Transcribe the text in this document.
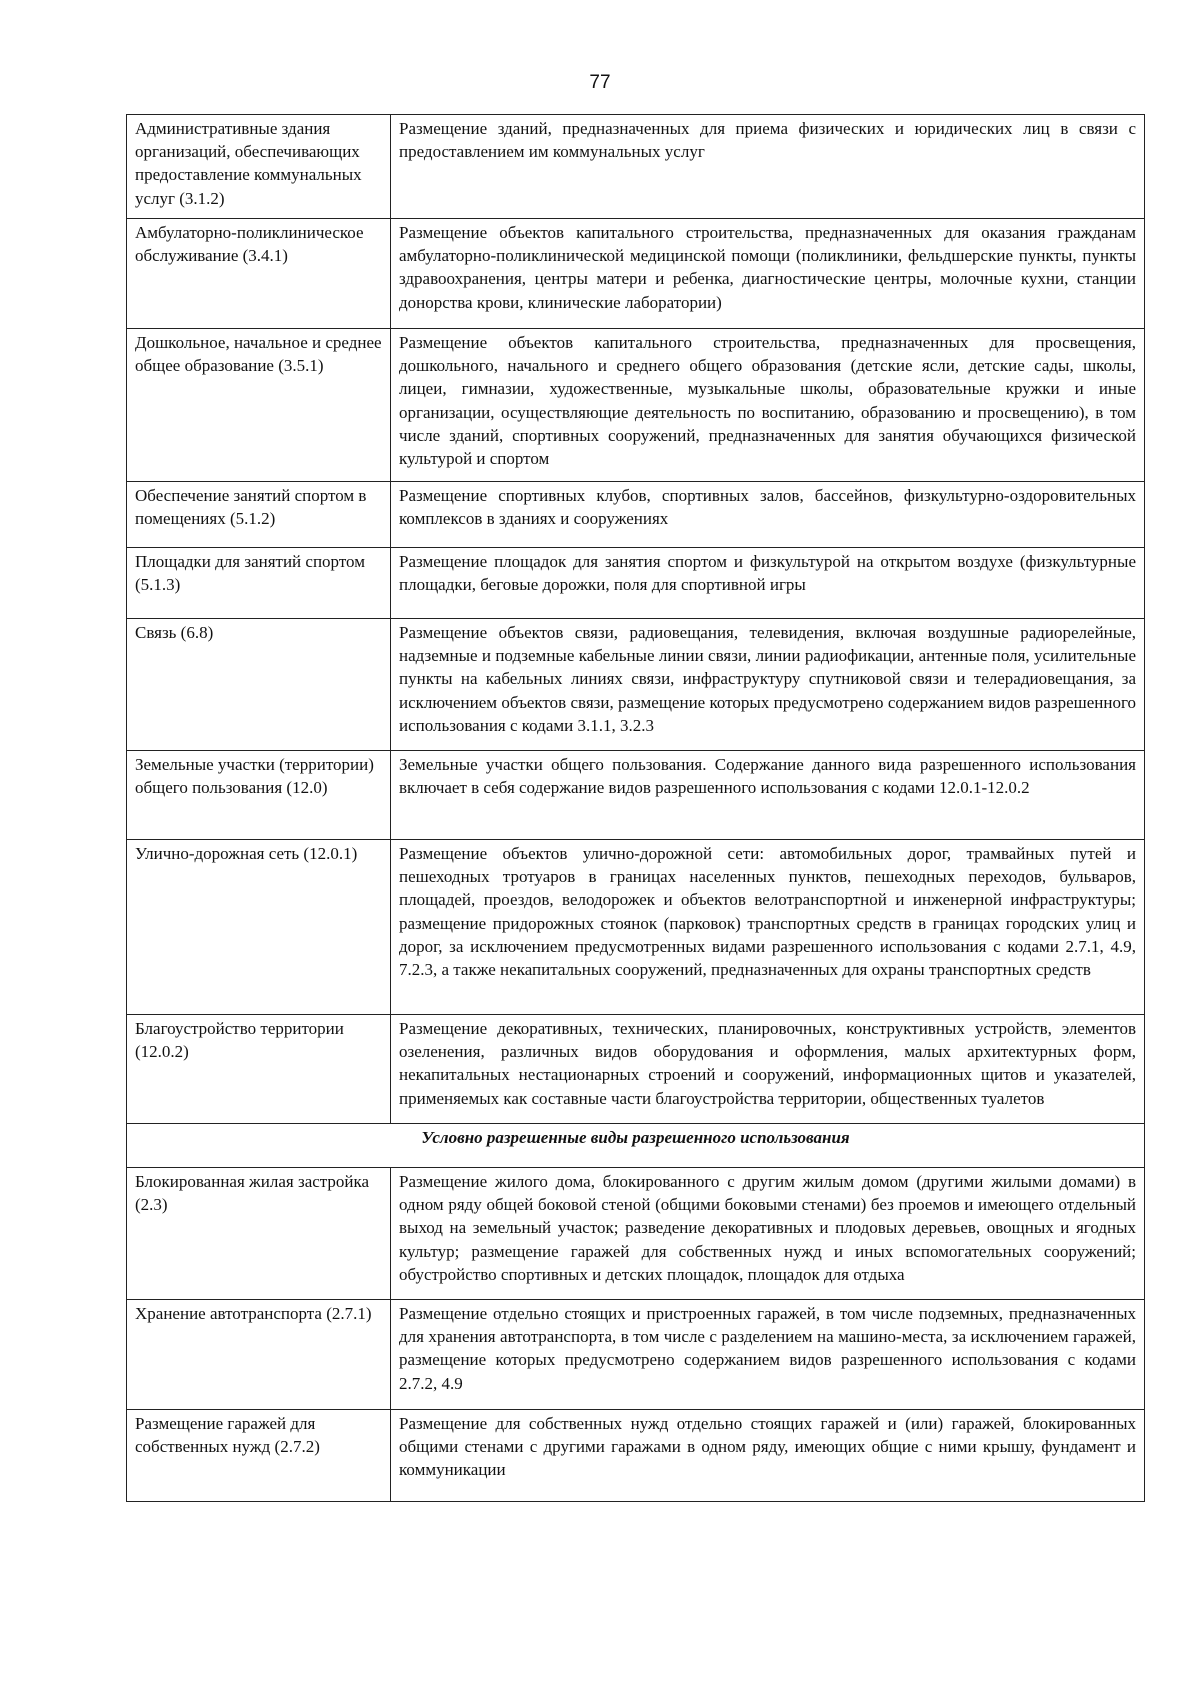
77
Административные здания организаций, обеспечивающих предоставление коммунальных услуг (3.1.2)	Размещение зданий, предназначенных для приема физических и юридических лиц в связи с предоставлением им коммунальных услуг
Амбулаторно-поликлиническое обслуживание (3.4.1)	Размещение объектов капитального строительства, предназначенных для оказания гражданам амбулаторно-поликлинической медицинской помощи (поликлиники, фельдшерские пункты, пункты здравоохранения, центры матери и ребенка, диагностические центры, молочные кухни, станции донорства крови, клинические лаборатории)
Дошкольное, начальное и среднее общее образование (3.5.1)	Размещение объектов капитального строительства, предназначенных для просвещения, дошкольного, начального и среднего общего образования (детские ясли, детские сады, школы, лицеи, гимназии, художественные, музыкальные школы, образовательные кружки и иные организации, осуществляющие деятельность по воспитанию, образованию и просвещению), в том числе зданий, спортивных сооружений, предназначенных для занятия обучающихся физической культурой и спортом
Обеспечение занятий спортом в помещениях (5.1.2)	Размещение спортивных клубов, спортивных залов, бассейнов, физкультурно-оздоровительных комплексов в зданиях и сооружениях
Площадки для занятий спортом (5.1.3)	Размещение площадок для занятия спортом и физкультурой на открытом воздухе (физкультурные площадки, беговые дорожки, поля для спортивной игры
Связь (6.8)	Размещение объектов связи, радиовещания, телевидения, включая воздушные радиорелейные, надземные и подземные кабельные линии связи, линии радиофикации, антенные поля, усилительные пункты на кабельных линиях связи, инфраструктуру спутниковой связи и телерадиовещания, за исключением объектов связи, размещение которых предусмотрено содержанием видов разрешенного использования с кодами 3.1.1, 3.2.3
Земельные участки (территории) общего пользования (12.0)	Земельные участки общего пользования. Содержание данного вида разрешенного использования включает в себя содержание видов разрешенного использования с кодами 12.0.1-12.0.2
Улично-дорожная сеть (12.0.1)	Размещение объектов улично-дорожной сети: автомобильных дорог, трамвайных путей и пешеходных тротуаров в границах населенных пунктов, пешеходных переходов, бульваров, площадей, проездов, велодорожек и объектов велотранспортной и инженерной инфраструктуры; размещение придорожных стоянок (парковок) транспортных средств в границах городских улиц и дорог, за исключением предусмотренных видами разрешенного использования с кодами 2.7.1, 4.9, 7.2.3, а также некапитальных сооружений, предназначенных для охраны транспортных средств
Благоустройство территории (12.0.2)	Размещение декоративных, технических, планировочных, конструктивных устройств, элементов озеленения, различных видов оборудования и оформления, малых архитектурных форм, некапитальных нестационарных строений и сооружений, информационных щитов и указателей, применяемых как составные части благоустройства территории, общественных туалетов
Условно разрешенные виды разрешенного использования	
Блокированная жилая застройка (2.3)	Размещение жилого дома, блокированного с другим жилым домом (другими жилыми домами) в одном ряду общей боковой стеной (общими боковыми стенами) без проемов и имеющего отдельный выход на земельный участок; разведение декоративных и плодовых деревьев, овощных и ягодных культур; размещение гаражей для собственных нужд и иных вспомогательных сооружений; обустройство спортивных и детских площадок, площадок для отдыха
Хранение автотранспорта (2.7.1)	Размещение отдельно стоящих и пристроенных гаражей, в том числе подземных, предназначенных для хранения автотранспорта, в том числе с разделением на машино-места, за исключением гаражей, размещение которых предусмотрено содержанием видов разрешенного использования с кодами 2.7.2, 4.9
Размещение гаражей для собственных нужд (2.7.2)	Размещение для собственных нужд отдельно стоящих гаражей и (или) гаражей, блокированных общими стенами с другими гаражами в одном ряду, имеющих общие с ними крышу, фундамент и коммуникации
